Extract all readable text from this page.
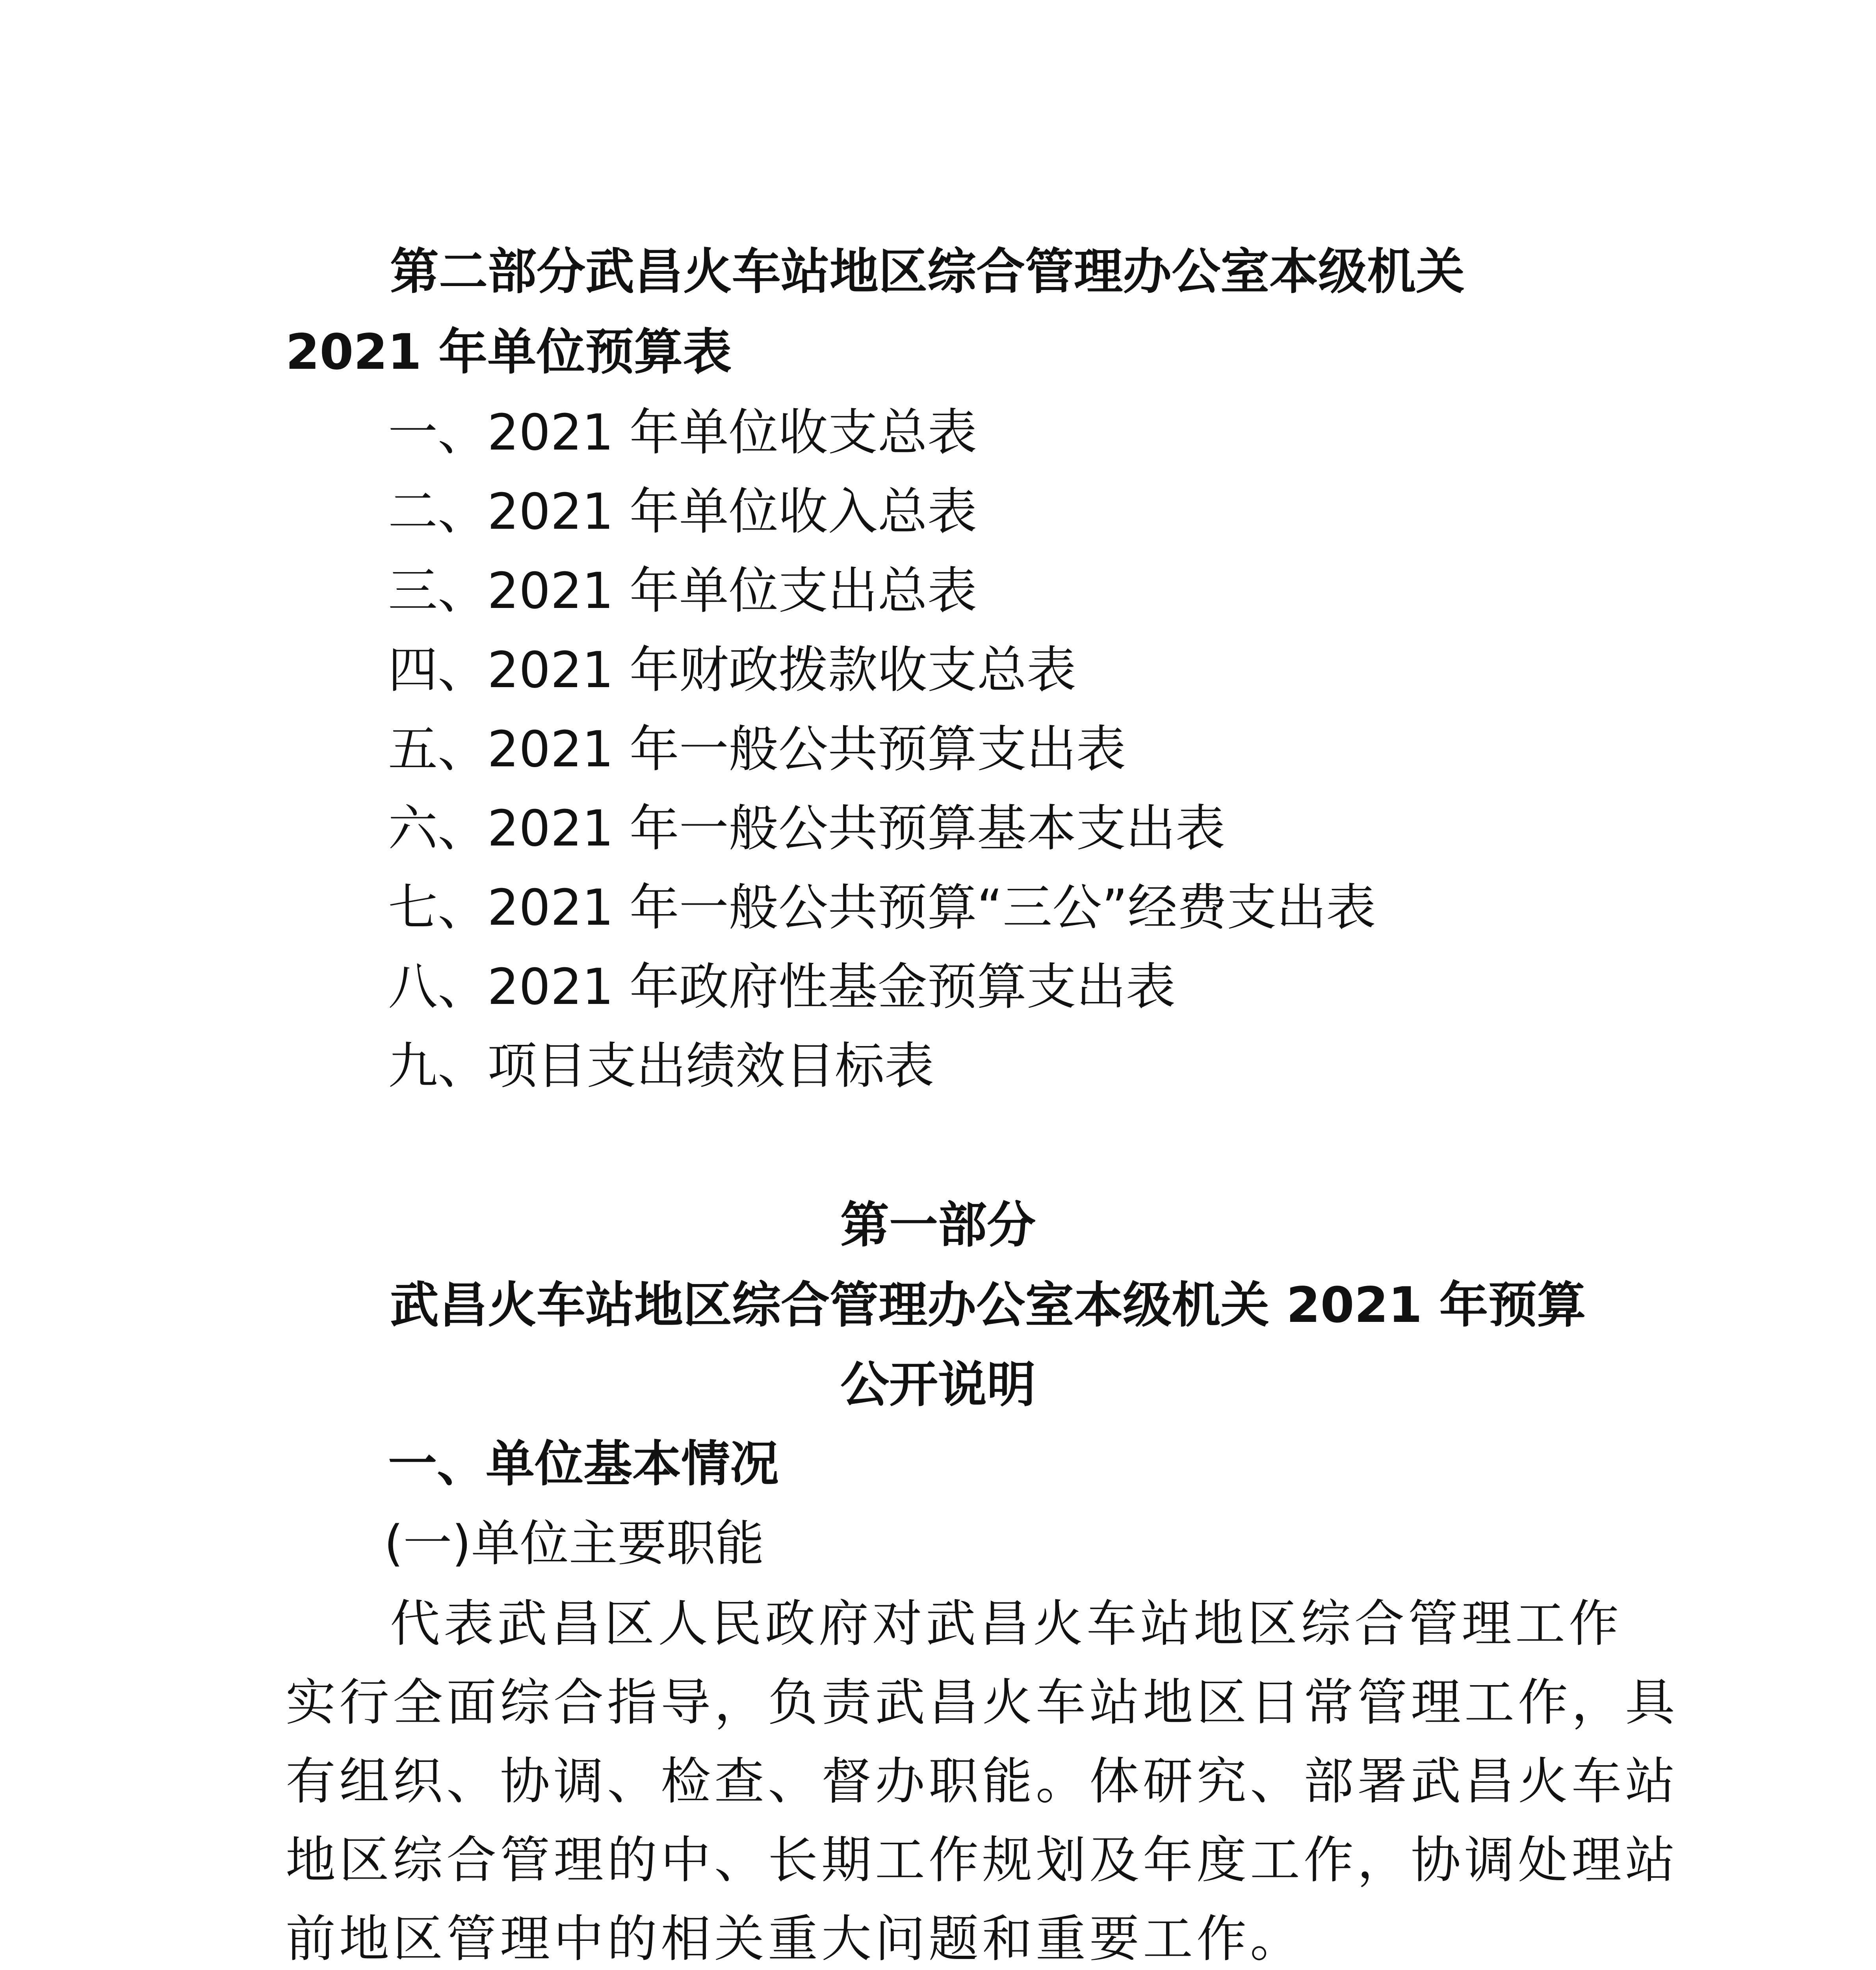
第二部分武昌火车站地区综合管理办公室本级机关
2021 年单位预算表
一、2021 年单位收支总表
二、2021 年单位收入总表
三、2021 年单位支出总表
四、2021 年财政拨款收支总表
五、2021 年一般公共预算支出表
六、2021 年一般公共预算基本支出表
七、2021 年一般公共预算“三公”经费支出表
八、2021 年政府性基金预算支出表
九、项目支出绩效目标表
第一部分
武昌火车站地区综合管理办公室本级机关 2021 年预算
公开说明
一、单位基本情况
(一)单位主要职能
代表武昌区人民政府对武昌火车站地区综合管理工作
实行全面综合指导，负责武昌火车站地区日常管理工作，具
有组织、协调、检查、督办职能。体研究、部署武昌火车站
地区综合管理的中、长期工作规划及年度工作，协调处理站
前地区管理中的相关重大问题和重要工作。
